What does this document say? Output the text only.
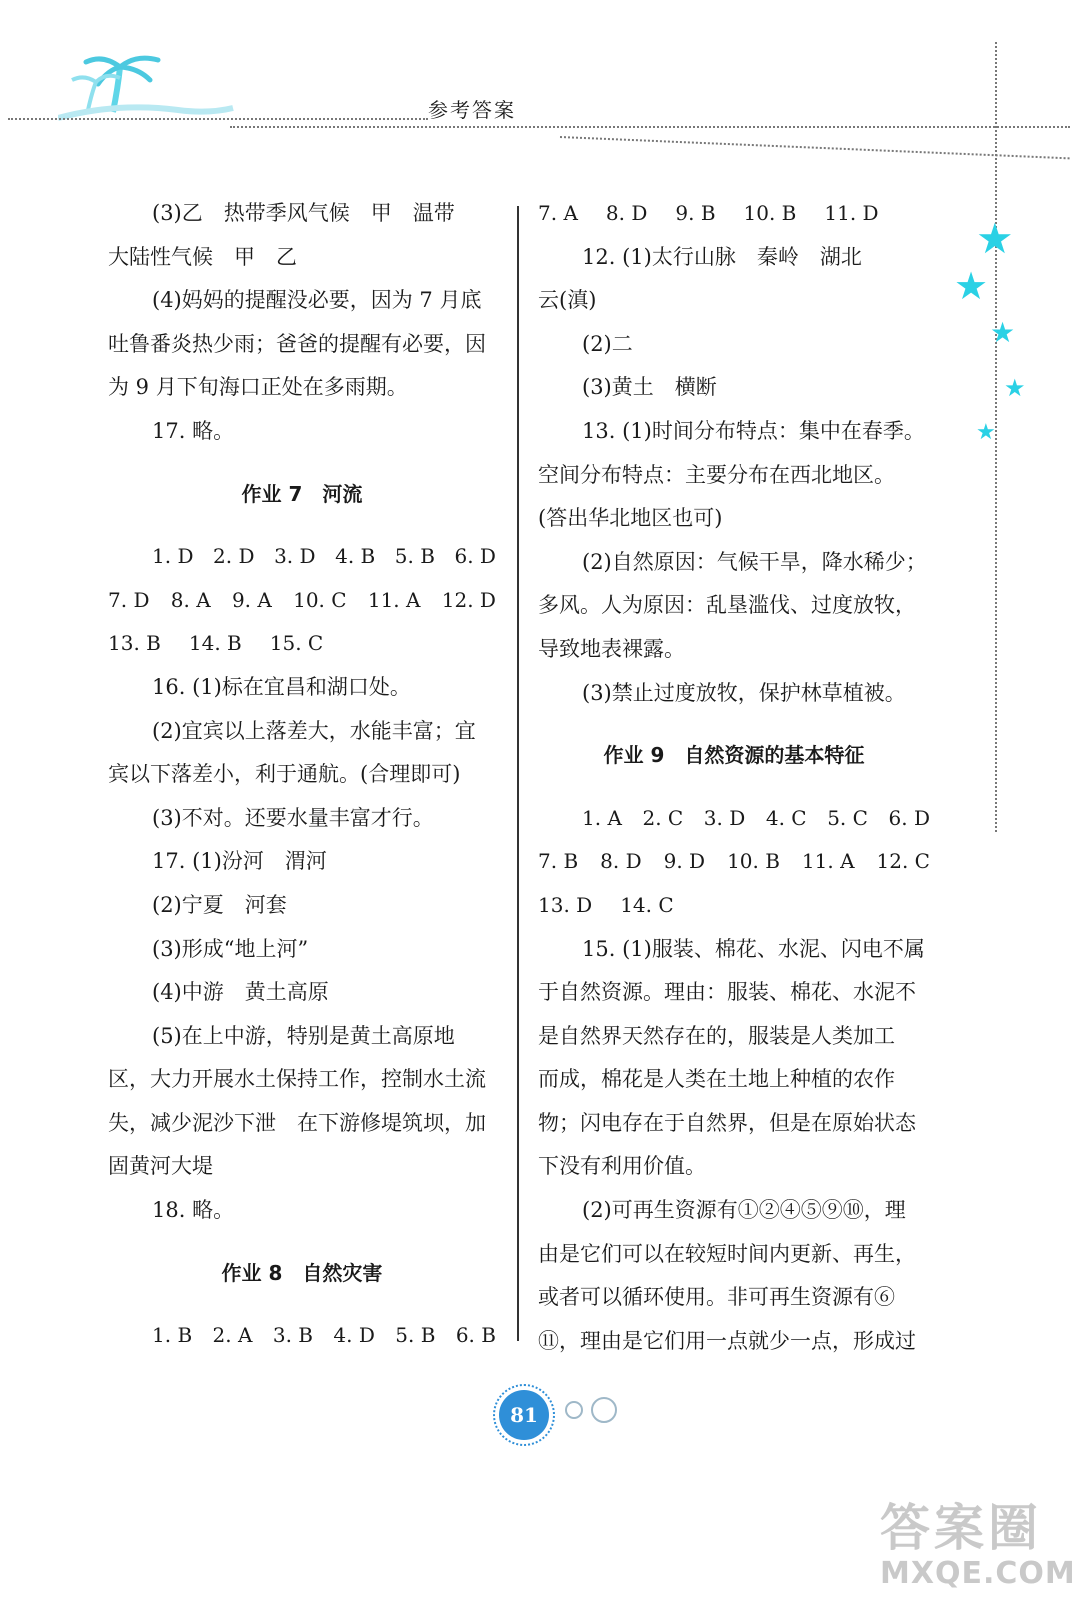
参考答案
★
★
★
★
★

(3)乙　热带季风气候　甲　温带

大陆性气候　甲　乙

(4)妈妈的提醒没必要，因为 7 月底

吐鲁番炎热少雨；爸爸的提醒有必要，因

为 9 月下旬海口正处在多雨期。

17. 略。

作业 7　河流

1. D 2. D 3. D 4. B 5. B 6. D
7. D 8. A 9. A 10. C 11. A 12. D
13. B 14. B 15. C

16. (1)标在宜昌和湖口处。

(2)宜宾以上落差大，水能丰富；宜

宾以下落差小，利于通航。(合理即可)

(3)不对。还要水量丰富才行。

17. (1)汾河　渭河

(2)宁夏　河套

(3)形成“地上河”

(4)中游　黄土高原

(5)在上中游，特别是黄土高原地

区，大力开展水土保持工作，控制水土流

失，减少泥沙下泄　在下游修堤筑坝，加

固黄河大堤

18. 略。

作业 8　自然灾害

1. B 2. A 3. B 4. D 5. B 6. B
7. A 8. D 9. B 10. B 11. D

12. (1)太行山脉　秦岭　湖北

云(滇)

(2)二

(3)黄土　横断

13. (1)时间分布特点：集中在春季。

空间分布特点：主要分布在西北地区。

(答出华北地区也可)

(2)自然原因：气候干旱，降水稀少；

多风。人为原因：乱垦滥伐、过度放牧，

导致地表裸露。

(3)禁止过度放牧，保护林草植被。

作业 9　自然资源的基本特征

1. A 2. C 3. D 4. C 5. C 6. D
7. B 8. D 9. D 10. B 11. A 12. C
13. D 14. C

15. (1)服装、棉花、水泥、闪电不属

于自然资源。理由：服装、棉花、水泥不

是自然界天然存在的，服装是人类加工

而成，棉花是人类在土地上种植的农作

物；闪电存在于自然界，但是在原始状态

下没有利用价值。

(2)可再生资源有①②④⑤⑨⑩，理

由是它们可以在较短时间内更新、再生，

或者可以循环使用。非可再生资源有⑥

⑪，理由是它们用一点就少一点，形成过

81
答案圈
MXQE.COM
